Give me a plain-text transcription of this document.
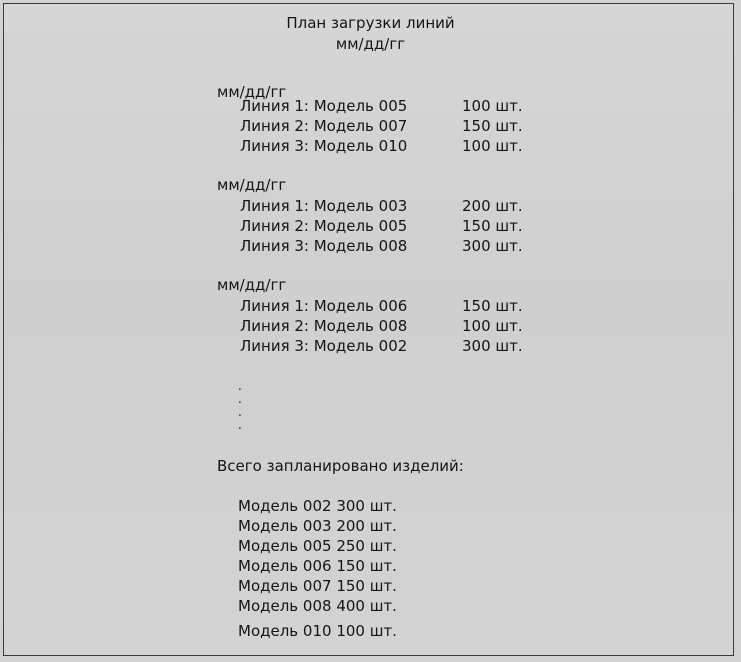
План загрузки линий
мм/дд/гг
мм/дд/гг
Линия 1: Модель 005	100 шт.
Линия 2: Модель 007	150 шт.
Линия 3: Модель 010	100 шт.
мм/дд/гг
Линия 1: Модель 003	200 шт.
Линия 2: Модель 005	150 шт.
Линия 3: Модель 008	300 шт.
мм/дд/гг
Линия 1: Модель 006	150 шт.
Линия 2: Модель 008	100 шт.
Линия 3: Модель 002	300 шт.
.
.
.
.
Всего запланировано изделий:
Модель 002 300 шт.
Модель 003 200 шт.
Модель 005 250 шт.
Модель 006 150 шт.
Модель 007 150 шт.
Модель 008 400 шт.
Модель 010 100 шт.
